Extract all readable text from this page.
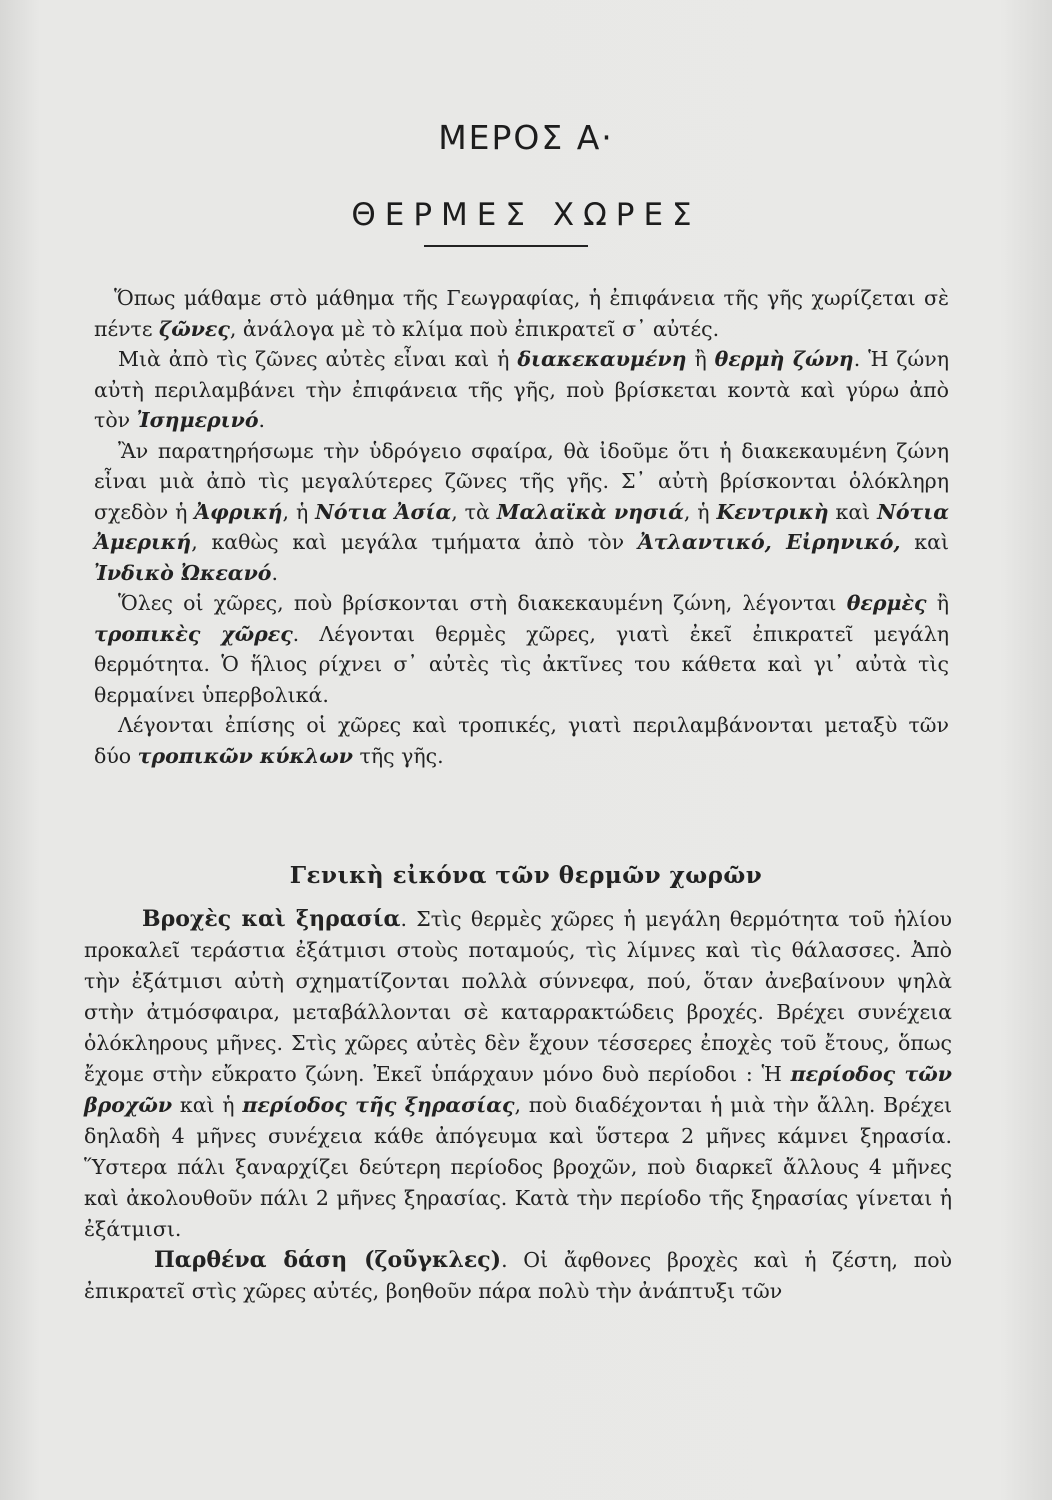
ΜΕΡΟΣ Α·
ΘΕΡΜΕΣ ΧΩΡΕΣ

Ὅπως μάθαμε στὸ μάθημα τῆς Γεωγραφίας, ἡ ἐπιφάνεια τῆς γῆς χωρίζεται σὲ πέντε ζῶνες, ἀνάλογα μὲ τὸ κλίμα ποὺ ἐπικρατεῖ σ᾿ αὐτές.

Μιὰ ἀπὸ τὶς ζῶνες αὐτὲς εἶναι καὶ ἡ διακεκαυμένη ἢ θερμὴ ζώνη. Ἡ ζώνη αὐτὴ περιλαμβάνει τὴν ἐπιφάνεια τῆς γῆς, ποὺ βρίσκεται κοντὰ καὶ γύρω ἀπὸ τὸν Ἰσημερινό.

Ἂν παρατηρήσωμε τὴν ὑδρόγειο σφαίρα, θὰ ἰδοῦμε ὅτι ἡ διακεκαυμένη ζώνη εἶναι μιὰ ἀπὸ τὶς μεγαλύτερες ζῶνες τῆς γῆς. Σ᾿ αὐτὴ βρίσκονται ὁλόκληρη σχεδὸν ἡ Ἀφρική, ἡ Νότια Ἀσία, τὰ Μαλαϊκὰ νησιά, ἡ Κεντρικὴ καὶ Νότια Ἀμερική, καθὼς καὶ μεγάλα τμήματα ἀπὸ τὸν Ἀτλαντικό, Εἰρηνικό, καὶ Ἰνδικὸ Ὠκεανό.

Ὅλες οἱ χῶρες, ποὺ βρίσκονται στὴ διακεκαυμένη ζώνη, λέγονται θερμὲς ἢ τροπικὲς χῶρες. Λέγονται θερμὲς χῶρες, γιατὶ ἐκεῖ ἐπικρατεῖ μεγάλη θερμότητα. Ὁ ἥλιος ρίχνει σ᾿ αὐτὲς τὶς ἀκτῖνες του κάθετα καὶ γι᾿ αὐτὰ τὶς θερμαίνει ὑπερβολικά.

Λέγονται ἐπίσης οἱ χῶρες καὶ τροπικές, γιατὶ περιλαμβάνονται μεταξὺ τῶν δύο τροπικῶν κύκλων τῆς γῆς.

Γενικὴ εἰκόνα τῶν θερμῶν χωρῶν

Βροχὲς καὶ ξηρασία. Στὶς θερμὲς χῶρες ἡ μεγάλη θερμότητα τοῦ ἡλίου προκαλεῖ τεράστια ἐξάτμισι στοὺς ποταμούς, τὶς λίμνες καὶ τὶς θάλασσες. Ἀπὸ τὴν ἐξάτμισι αὐτὴ σχηματίζονται πολλὰ σύννεφα, πού, ὅταν ἀνεβαίνουν ψηλὰ στὴν ἀτμόσφαιρα, μεταβάλλονται σὲ καταρρακτώδεις βροχές. Βρέχει συνέχεια ὁλόκληρους μῆνες. Στὶς χῶρες αὐτὲς δὲν ἔχουν τέσσερες ἐποχὲς τοῦ ἔτους, ὅπως ἔχομε στὴν εὔκρατο ζώνη. Ἐκεῖ ὑπάρχαυν μόνο δυὸ περίοδοι : Ἡ περίοδος τῶν βροχῶν καὶ ἡ περίοδος τῆς ξηρασίας, ποὺ διαδέχονται ἡ μιὰ τὴν ἄλλη. Βρέχει δηλαδὴ 4 μῆνες συνέχεια κάθε ἀπόγευμα καὶ ὕστερα 2 μῆνες κάμνει ξηρασία. Ὕστερα πάλι ξαναρχίζει δεύτερη περίοδος βροχῶν, ποὺ διαρκεῖ ἄλλους 4 μῆνες καὶ ἀκολουθοῦν πάλι 2 μῆνες ξηρασίας. Κατὰ τὴν περίοδο τῆς ξηρασίας γίνεται ἡ ἐξάτμισι.

Παρθένα δάση (ζοῦγκλες). Οἱ ἄφθονες βροχὲς καὶ ἡ ζέστη, ποὺ ἐπικρατεῖ στὶς χῶρες αὐτές, βοηθοῦν πάρα πολὺ τὴν ἀνάπτυξι τῶν
